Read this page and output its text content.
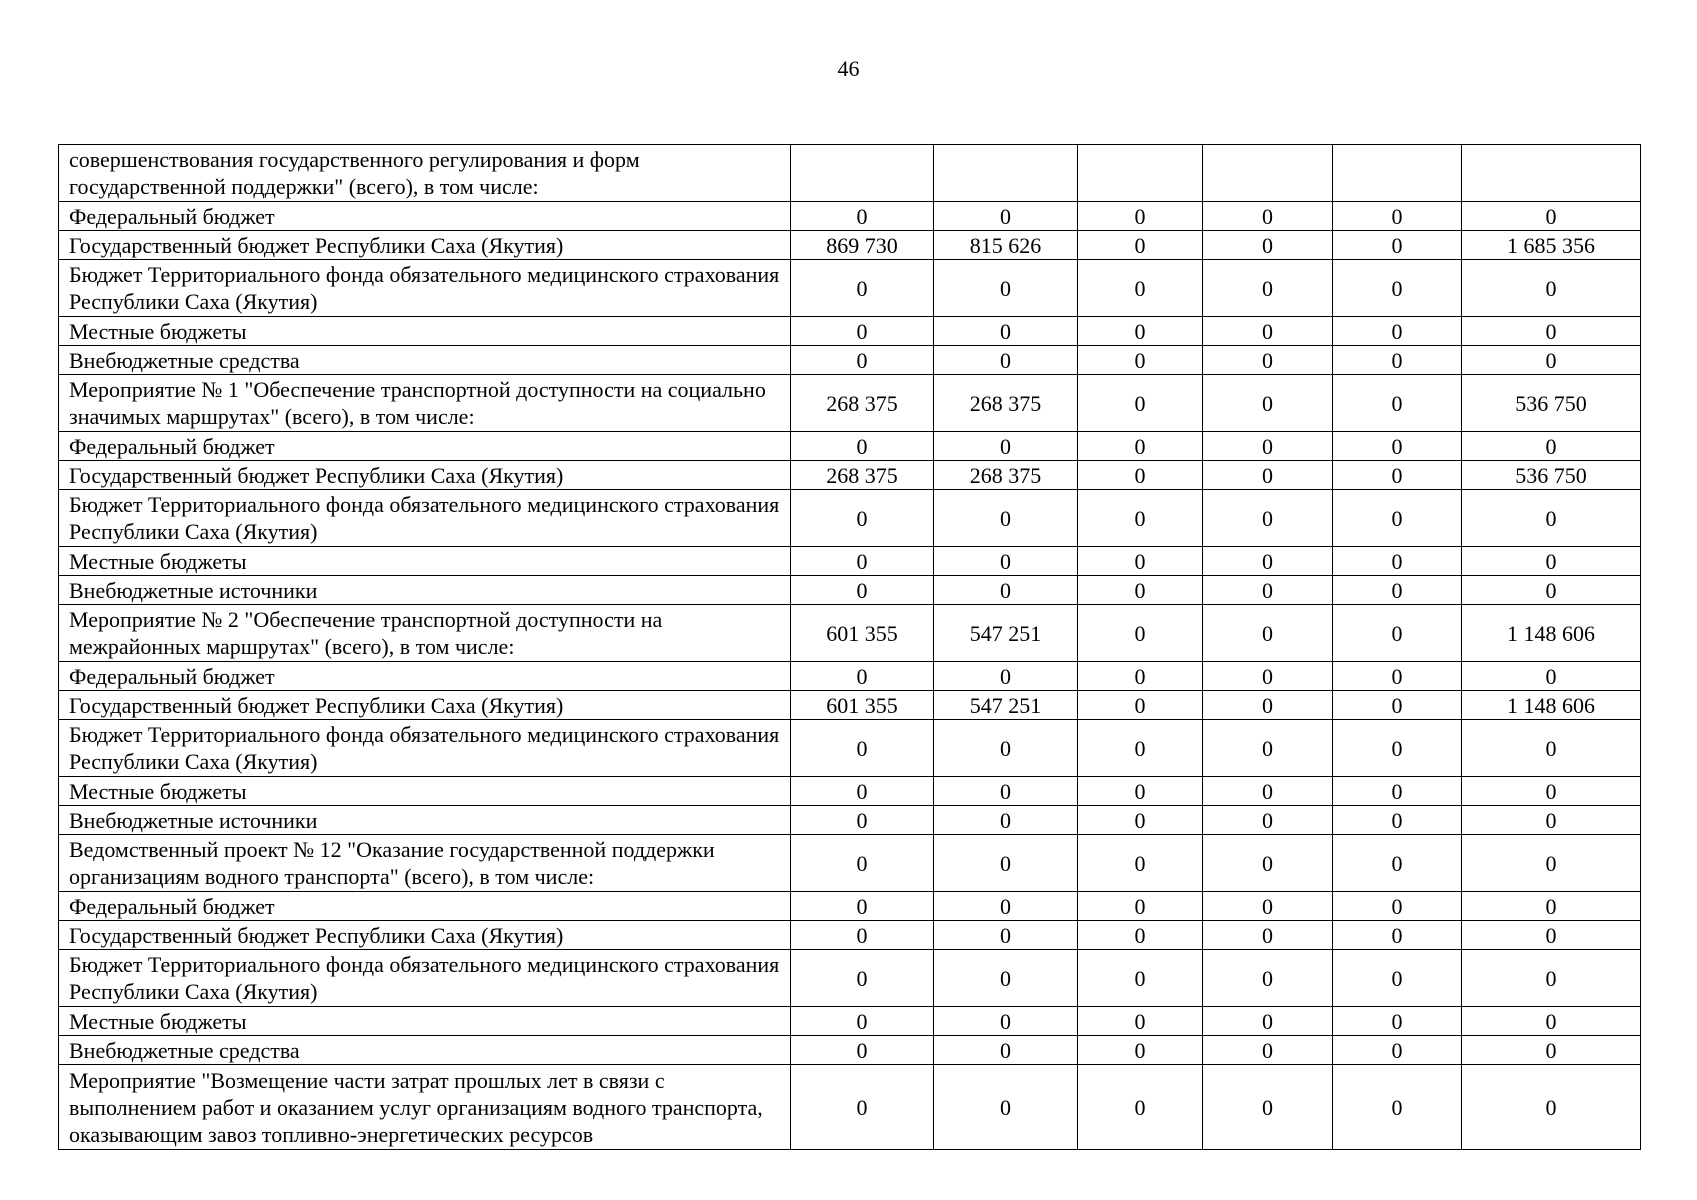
46
совершенствования государственного регулирования и форм государственной поддержки" (всего), в том числе:						
Федеральный бюджет	0	0	0	0	0	0
Государственный бюджет Республики Саха (Якутия)	869 730	815 626	0	0	0	1 685 356
Бюджет Территориального фонда обязательного медицинского страхования Республики Саха (Якутия)	0	0	0	0	0	0
Местные бюджеты	0	0	0	0	0	0
Внебюджетные средства	0	0	0	0	0	0
Мероприятие № 1 "Обеспечение транспортной доступности на социально значимых маршрутах" (всего), в том числе:	268 375	268 375	0	0	0	536 750
Федеральный бюджет	0	0	0	0	0	0
Государственный бюджет Республики Саха (Якутия)	268 375	268 375	0	0	0	536 750
Бюджет Территориального фонда обязательного медицинского страхования Республики Саха (Якутия)	0	0	0	0	0	0
Местные бюджеты	0	0	0	0	0	0
Внебюджетные источники	0	0	0	0	0	0
Мероприятие № 2 "Обеспечение транспортной доступности на межрайонных маршрутах" (всего), в том числе:	601 355	547 251	0	0	0	1 148 606
Федеральный бюджет	0	0	0	0	0	0
Государственный бюджет Республики Саха (Якутия)	601 355	547 251	0	0	0	1 148 606
Бюджет Территориального фонда обязательного медицинского страхования Республики Саха (Якутия)	0	0	0	0	0	0
Местные бюджеты	0	0	0	0	0	0
Внебюджетные источники	0	0	0	0	0	0
Ведомственный проект № 12 "Оказание государственной поддержки организациям водного транспорта" (всего), в том числе:	0	0	0	0	0	0
Федеральный бюджет	0	0	0	0	0	0
Государственный бюджет Республики Саха (Якутия)	0	0	0	0	0	0
Бюджет Территориального фонда обязательного медицинского страхования Республики Саха (Якутия)	0	0	0	0	0	0
Местные бюджеты	0	0	0	0	0	0
Внебюджетные средства	0	0	0	0	0	0
Мероприятие "Возмещение части затрат прошлых лет в связи с выполнением работ и оказанием услуг организациям водного транспорта, оказывающим завоз топливно-энергетических ресурсов	0	0	0	0	0	0
